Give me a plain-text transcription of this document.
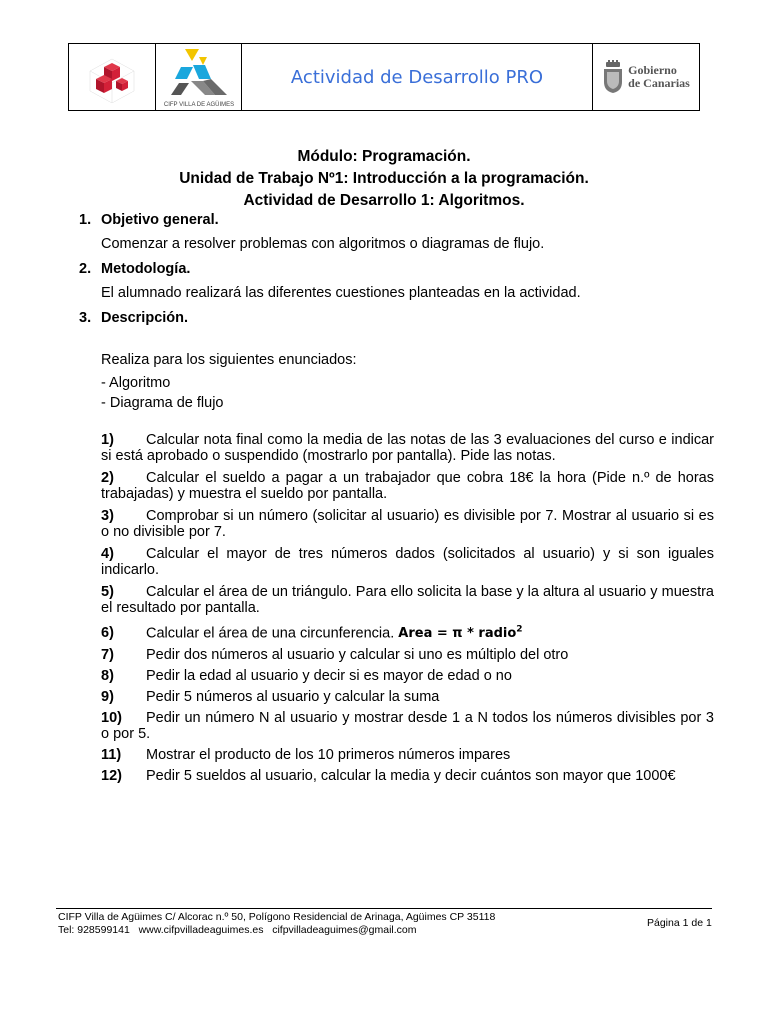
CIFP VILLA DE AGÜIMES
Actividad de Desarrollo PRO	Gobierno
de Canarias
Módulo: Programación.
Unidad de Trabajo Nº1: Introducción a la programación.
Actividad de Desarrollo 1: Algoritmos.
1. Objetivo general.
Comenzar a resolver problemas con algoritmos o diagramas de flujo.
2. Metodología.
El alumnado realizará las diferentes cuestiones planteadas en la actividad.
3. Descripción.
Realiza para los siguientes enunciados:
- Algoritmo
- Diagrama de flujo
1) Calcular nota final como la media de las notas de las 3 evaluaciones del curso e indicar si está aprobado o suspendido (mostrarlo por pantalla). Pide las notas.
2) Calcular el sueldo a pagar a un trabajador que cobra 18€ la hora (Pide n.º de horas trabajadas) y muestra el sueldo por pantalla.
3) Comprobar si un número (solicitar al usuario) es divisible por 7. Mostrar al usuario si es o no divisible por 7.
4) Calcular el mayor de tres números dados (solicitados al usuario) y si son iguales indicarlo.
5) Calcular el área de un triángulo. Para ello solicita la base y la altura al usuario y muestra el resultado por pantalla.
6) Calcular el área de una circunferencia. Area = π * radio$^2$
7) Pedir dos números al usuario y calcular si uno es múltiplo del otro
8) Pedir la edad al usuario y decir si es mayor de edad o no
9) Pedir 5 números al usuario y calcular la suma
10) Pedir un número N al usuario y mostrar desde 1 a N todos los números divisibles por 3 o por 5.
11) Mostrar el producto de los 10 primeros números impares
12) Pedir 5 sueldos al usuario, calcular la media y decir cuántos son mayor que 1000€
CIFP Villa de Agüimes C/ Alcorac n.º 50, Polígono Residencial de Arinaga, Agüimes CP 35118
Tel: 928599141   www.cifpvilladeaguimes.es   cifpvilladeaguimes@gmail.com
Página 1 de 1
